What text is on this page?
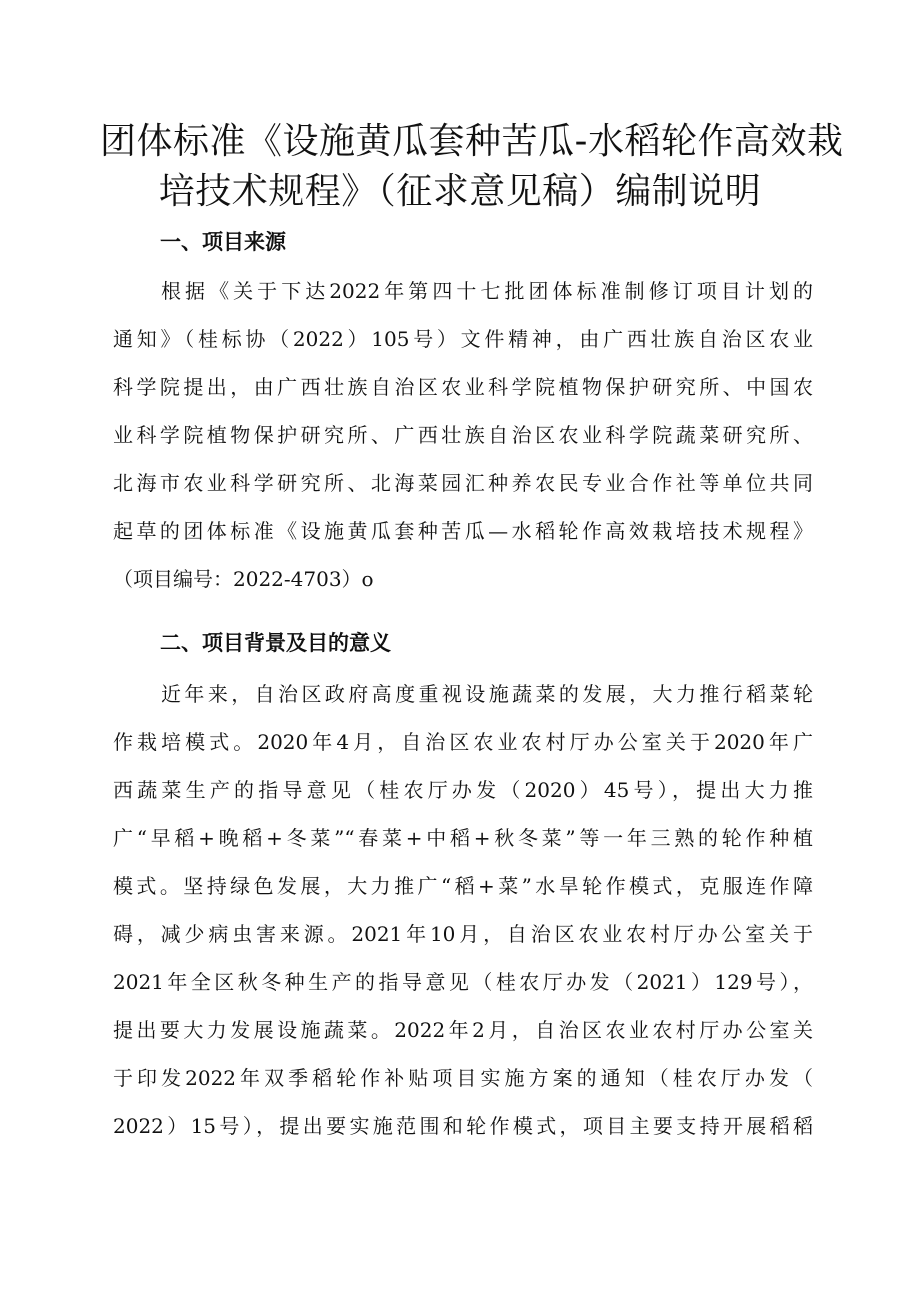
团体标准《设施黄瓜套种苦瓜-水稻轮作高效栽
培技术规程》（征求意见稿）编制说明
一、项目来源
根据《关于下达2022年第四十七批团体标准制修订项目计划的
通知》（桂标协（2022）105号）文件精神，由广西壮族自治区农业
科学院提出，由广西壮族自治区农业科学院植物保护研究所、中国农
业科学院植物保护研究所、广西壮族自治区农业科学院蔬菜研究所、
北海市农业科学研究所、北海菜园汇种养农民专业合作社等单位共同
起草的团体标准《设施黄瓜套种苦瓜—水稻轮作高效栽培技术规程》
（项目编号：2022-4703）o
二、项目背景及目的意义
近年来，自治区政府高度重视设施蔬菜的发展，大力推行稻菜轮
作栽培模式。2020年4月，自治区农业农村厅办公室关于2020年广
西蔬菜生产的指导意见（桂农厅办发（2020）45号），提出大力推
广“早稻+晚稻+冬菜”“春菜+中稻+秋冬菜”等一年三熟的轮作种植
模式。坚持绿色发展，大力推广“稻+菜”水旱轮作模式，克服连作障
碍，减少病虫害来源。2021年10月，自治区农业农村厅办公室关于
2021年全区秋冬种生产的指导意见（桂农厅办发（2021）129号），
提出要大力发展设施蔬菜。2022年2月，自治区农业农村厅办公室关
于印发2022年双季稻轮作补贴项目实施方案的通知（桂农厅办发（
2022）15号），提出要实施范围和轮作模式，项目主要支持开展稻稻
